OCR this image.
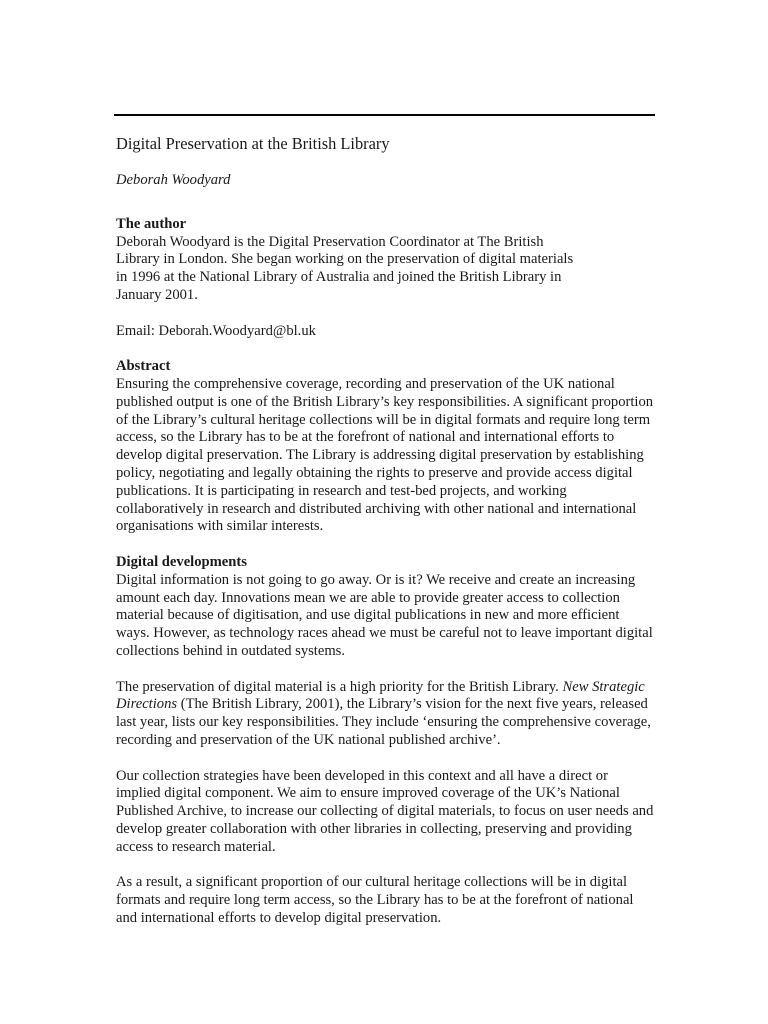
Digital Preservation at the British Library

Deborah Woodyard

The author

Deborah Woodyard is the Digital Preservation Coordinator at The British Library in London. She began working on the preservation of digital materials in 1996 at the National Library of Australia and joined the British Library in January 2001.

Email: Deborah.Woodyard@bl.uk

Abstract

Ensuring the comprehensive coverage, recording and preservation of the UK national published output is one of the British Library’s key responsibilities. A significant proportion of the Library’s cultural heritage collections will be in digital formats and require long term access, so the Library has to be at the forefront of national and international efforts to develop digital preservation. The Library is addressing digital preservation by establishing policy, negotiating and legally obtaining the rights to preserve and provide access digital publications. It is participating in research and test-bed projects, and working collaboratively in research and distributed archiving with other national and international organisations with similar interests.

Digital developments

Digital information is not going to go away. Or is it? We receive and create an increasing amount each day. Innovations mean we are able to provide greater access to collection material because of digitisation, and use digital publications in new and more efficient ways. However, as technology races ahead we must be careful not to leave important digital collections behind in outdated systems.

The preservation of digital material is a high priority for the British Library. New Strategic Directions (The British Library, 2001), the Library’s vision for the next five years, released last year, lists our key responsibilities. They include ‘ensuring the comprehensive coverage, recording and preservation of the UK national published archive’.

Our collection strategies have been developed in this context and all have a direct or implied digital component. We aim to ensure improved coverage of the UK’s National Published Archive, to increase our collecting of digital materials, to focus on user needs and develop greater collaboration with other libraries in collecting, preserving and providing access to research material.

As a result, a significant proportion of our cultural heritage collections will be in digital formats and require long term access, so the Library has to be at the forefront of national and international efforts to develop digital preservation.
